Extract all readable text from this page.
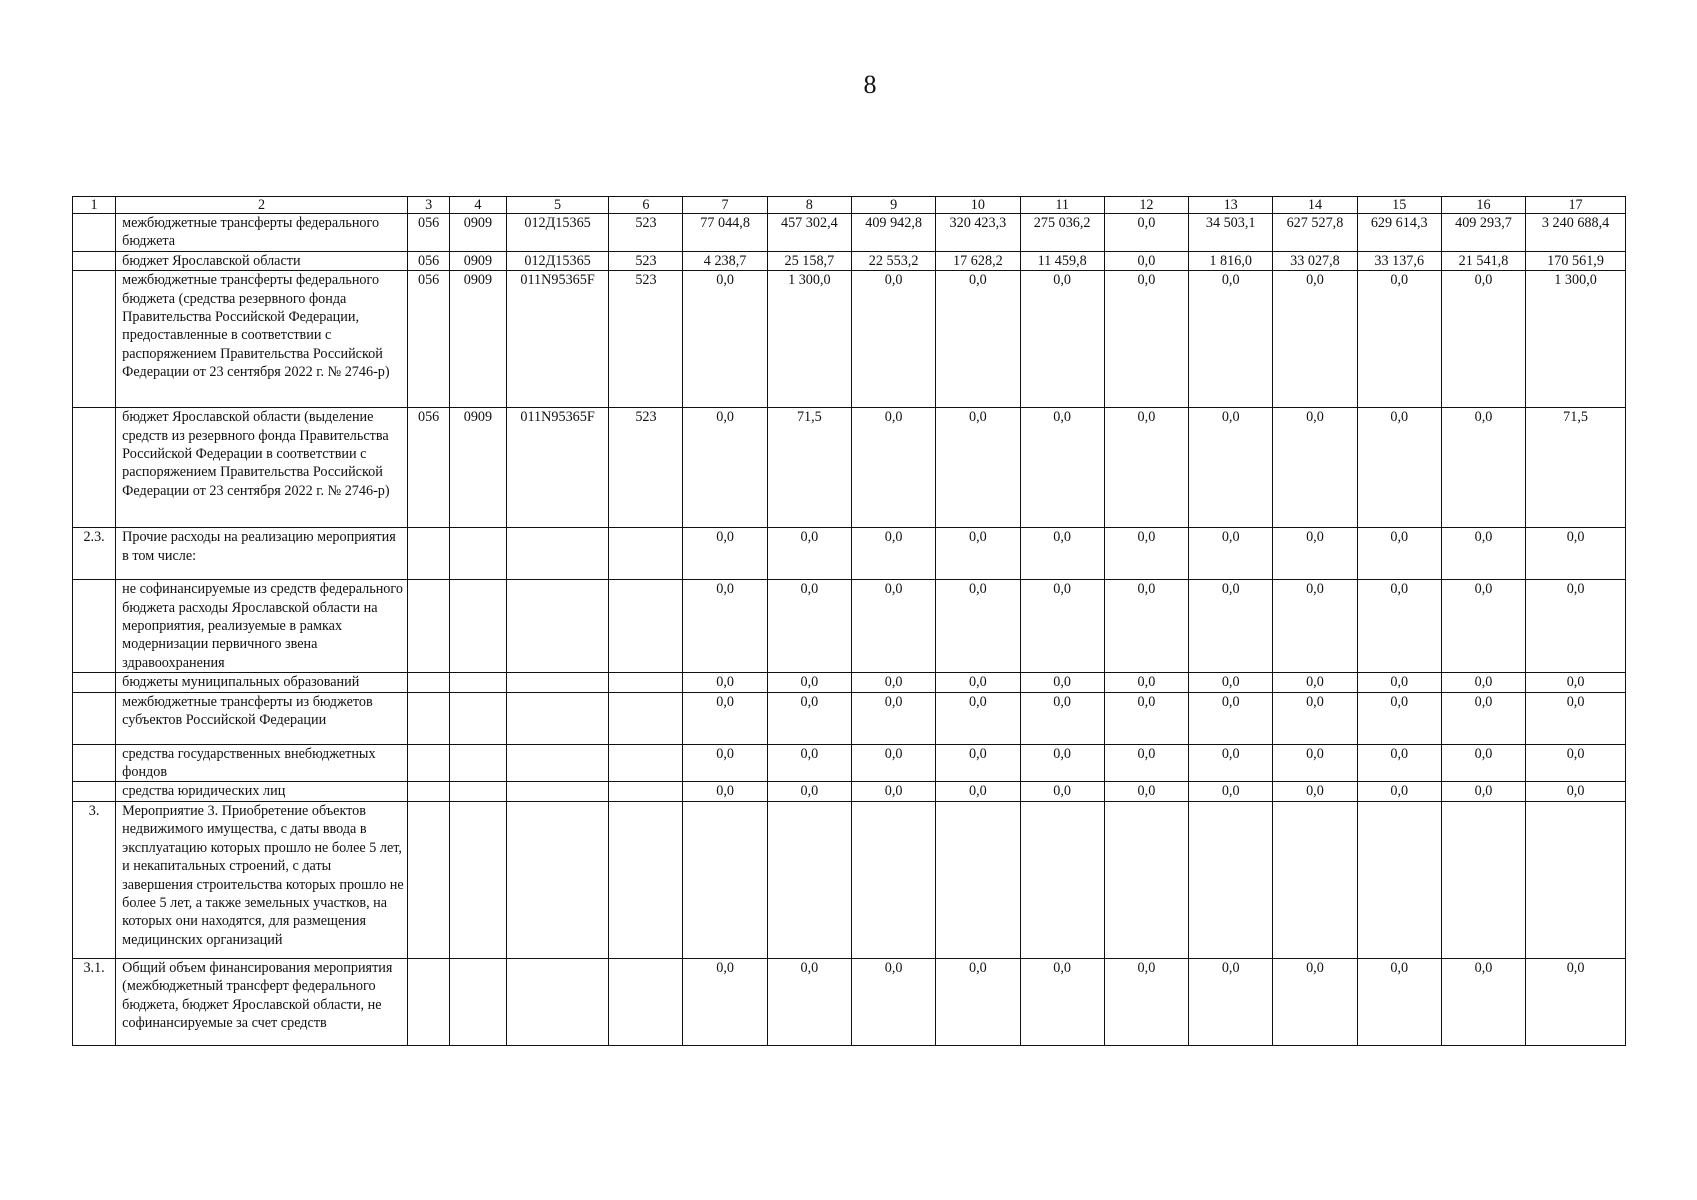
8
1	2	3	4	5	6	7	8	9	10	11	12	13	14	15	16	17
	межбюджетные трансферты федерального бюджета	056	0909	012Д15365	523	77 044,8	457 302,4	409 942,8	320 423,3	275 036,2	0,0	34 503,1	627 527,8	629 614,3	409 293,7	3 240 688,4
	бюджет Ярославской области	056	0909	012Д15365	523	4 238,7	25 158,7	22 553,2	17 628,2	11 459,8	0,0	1 816,0	33 027,8	33 137,6	21 541,8	170 561,9
	межбюджетные трансферты федерального бюджета (средства резервного фонда Правительства Российской Федерации, предоставленные в соответствии с распоряжением Правительства Российской Федерации от 23 сентября 2022 г. № 2746-р)	056	0909	011N95365F	523	0,0	1 300,0	0,0	0,0	0,0	0,0	0,0	0,0	0,0	0,0	1 300,0
	бюджет Ярославской области (выделение средств из резервного фонда Правительства Российской Федерации в соответствии с распоряжением Правительства Российской Федерации от 23 сентября 2022 г. № 2746-р)	056	0909	011N95365F	523	0,0	71,5	0,0	0,0	0,0	0,0	0,0	0,0	0,0	0,0	71,5
2.3.	Прочие расходы на реализацию мероприятия в том числе:					0,0	0,0	0,0	0,0	0,0	0,0	0,0	0,0	0,0	0,0	0,0
	не софинансируемые из средств федерального бюджета расходы Ярославской области на мероприятия, реализуемые в рамках модернизации первичного звена здравоохранения					0,0	0,0	0,0	0,0	0,0	0,0	0,0	0,0	0,0	0,0	0,0
	бюджеты муниципальных образований					0,0	0,0	0,0	0,0	0,0	0,0	0,0	0,0	0,0	0,0	0,0
	межбюджетные трансферты из бюджетов субъектов Российской Федерации					0,0	0,0	0,0	0,0	0,0	0,0	0,0	0,0	0,0	0,0	0,0
	средства государственных внебюджетных фондов					0,0	0,0	0,0	0,0	0,0	0,0	0,0	0,0	0,0	0,0	0,0
	средства юридических лиц					0,0	0,0	0,0	0,0	0,0	0,0	0,0	0,0	0,0	0,0	0,0
3.	Мероприятие 3. Приобретение объектов недвижимого имущества, с даты ввода в эксплуатацию которых прошло не более 5 лет, и некапитальных строений, с даты завершения строительства которых прошло не более 5 лет, а также земельных участков, на которых они находятся, для размещения медицинских организаций															
3.1.	Общий объем финансирования мероприятия (межбюджетный трансферт федерального бюджета, бюджет Ярославской области, не софинансируемые за счет средств					0,0	0,0	0,0	0,0	0,0	0,0	0,0	0,0	0,0	0,0	0,0
